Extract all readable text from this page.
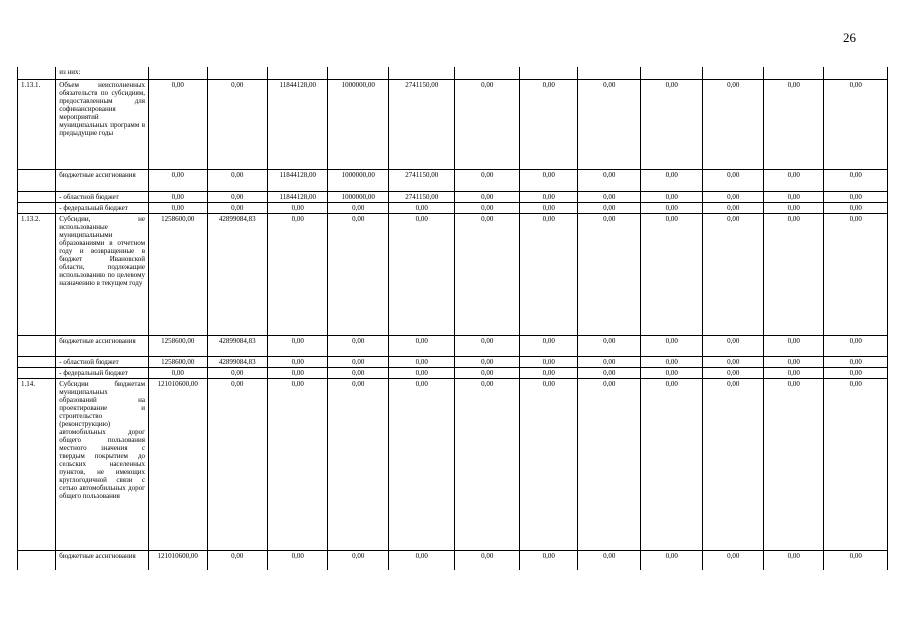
26
	из них:												
1.13.1.	Объем неисполненных обязательств по субсидиям, предоставленным для софинансирования мероприятий муниципальных программ в предыдущие годы	0,00	0,00	11844128,00	1000000,00	2741150,00	0,00	0,00	0,00	0,00	0,00	0,00	0,00
	бюджетные ассигнования	0,00	0,00	11844128,00	1000000,00	2741150,00	0,00	0,00	0,00	0,00	0,00	0,00	0,00
	- областной бюджет	0,00	0,00	11844128,00	1000000,00	2741150,00	0,00	0,00	0,00	0,00	0,00	0,00	0,00
	- федеральный бюджет	0,00	0,00	0,00	0,00	0,00	0,00	0,00	0,00	0,00	0,00	0,00	0,00
1.13.2.	Субсидии, не использованные муниципальными образованиями в отчетном году и возвращенные в бюджет Ивановской области, подлежащие использованию по целевому назначению в текущем году	1258600,00	42899084,83	0,00	0,00	0,00	0,00	0,00	0,00	0,00	0,00	0,00	0,00
	бюджетные ассигнования	1258600,00	42899084,83	0,00	0,00	0,00	0,00	0,00	0,00	0,00	0,00	0,00	0,00
	- областной бюджет	1258600,00	42899084,83	0,00	0,00	0,00	0,00	0,00	0,00	0,00	0,00	0,00	0,00
	- федеральный бюджет	0,00	0,00	0,00	0,00	0,00	0,00	0,00	0,00	0,00	0,00	0,00	0,00
1.14.	Субсидии бюджетам муниципальных образований на проектирование и строительство (реконструкцию) автомобильных дорог общего пользования местного значения с твердым покрытием до сельских населенных пунктов, не имеющих круглогодичной связи с сетью автомобильных дорог общего пользования	121010600,00	0,00	0,00	0,00	0,00	0,00	0,00	0,00	0,00	0,00	0,00	0,00
	бюджетные ассигнования	121010600,00	0,00	0,00	0,00	0,00	0,00	0,00	0,00	0,00	0,00	0,00	0,00
